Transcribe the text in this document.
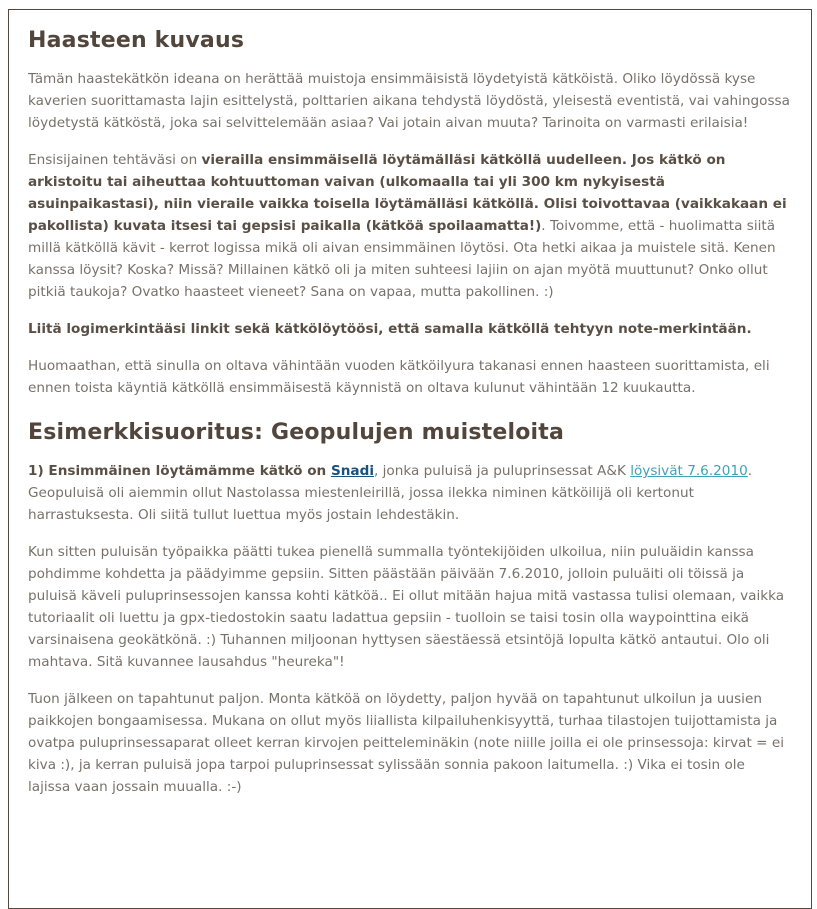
Haasteen kuvaus

Tämän haastekätkön ideana on herättää muistoja ensimmäisistä löydetyistä kätköistä. Oliko löydössä kyse kaverien suorittamasta lajin esittelystä, polttarien aikana tehdystä löydöstä, yleisestä eventistä, vai vahingossa löydetystä kätköstä, joka sai selvittelemään asiaa? Vai jotain aivan muuta? Tarinoita on varmasti erilaisia!

Ensisijainen tehtäväsi on vierailla ensimmäisellä löytämälläsi kätköllä uudelleen. Jos kätkö on arkistoitu tai aiheuttaa kohtuuttoman vaivan (ulkomaalla tai yli 300 km nykyisestä asuinpaikastasi), niin vieraile vaikka toisella löytämälläsi kätköllä. Olisi toivottavaa (vaikkakaan ei pakollista) kuvata itsesi tai gepsisi paikalla (kätköä spoilaamatta!). Toivomme, että - huolimatta siitä millä kätköllä kävit - kerrot logissa mikä oli aivan ensimmäinen löytösi. Ota hetki aikaa ja muistele sitä. Kenen kanssa löysit? Koska? Missä? Millainen kätkö oli ja miten suhteesi lajiin on ajan myötä muuttunut? Onko ollut pitkiä taukoja? Ovatko haasteet vieneet? Sana on vapaa, mutta pakollinen. :)

Liitä logimerkintääsi linkit sekä kätkölöytöösi, että samalla kätköllä tehtyyn note-merkintään.

Huomaathan, että sinulla on oltava vähintään vuoden kätköilyura takanasi ennen haasteen suorittamista, eli ennen toista käyntiä kätköllä ensimmäisestä käynnistä on oltava kulunut vähintään 12 kuukautta.

Esimerkkisuoritus: Geopulujen muisteloita

1) Ensimmäinen löytämämme kätkö on Snadi, jonka puluisä ja puluprinsessat A&K löysivät 7.6.2010. Geopuluisä oli aiemmin ollut Nastolassa miestenleirillä, jossa ilekka niminen kätköilijä oli kertonut harrastuksesta. Oli siitä tullut luettua myös jostain lehdestäkin.

Kun sitten puluisän työpaikka päätti tukea pienellä summalla työntekijöiden ulkoilua, niin puluäidin kanssa pohdimme kohdetta ja päädyimme gepsiin. Sitten päästään päivään 7.6.2010, jolloin puluäiti oli töissä ja puluisä käveli puluprinsessojen kanssa kohti kätköä.. Ei ollut mitään hajua mitä vastassa tulisi olemaan, vaikka tutoriaalit oli luettu ja gpx-tiedostokin saatu ladattua gepsiin - tuolloin se taisi tosin olla waypointtina eikä varsinaisena geokätkönä. :) Tuhannen miljoonan hyttysen säestäessä etsintöjä lopulta kätkö antautui. Olo oli mahtava. Sitä kuvannee lausahdus "heureka"!

Tuon jälkeen on tapahtunut paljon. Monta kätköä on löydetty, paljon hyvää on tapahtunut ulkoilun ja uusien paikkojen bongaamisessa. Mukana on ollut myös liiallista kilpailuhenkisyyttä, turhaa tilastojen tuijottamista ja ovatpa puluprinsessaparat olleet kerran kirvojen peitteleminäkin (note niille joilla ei ole prinsessoja: kirvat = ei kiva :), ja kerran puluisä jopa tarpoi puluprinsessat sylissään sonnia pakoon laitumella. :) Vika ei tosin ole lajissa vaan jossain muualla. :-)
